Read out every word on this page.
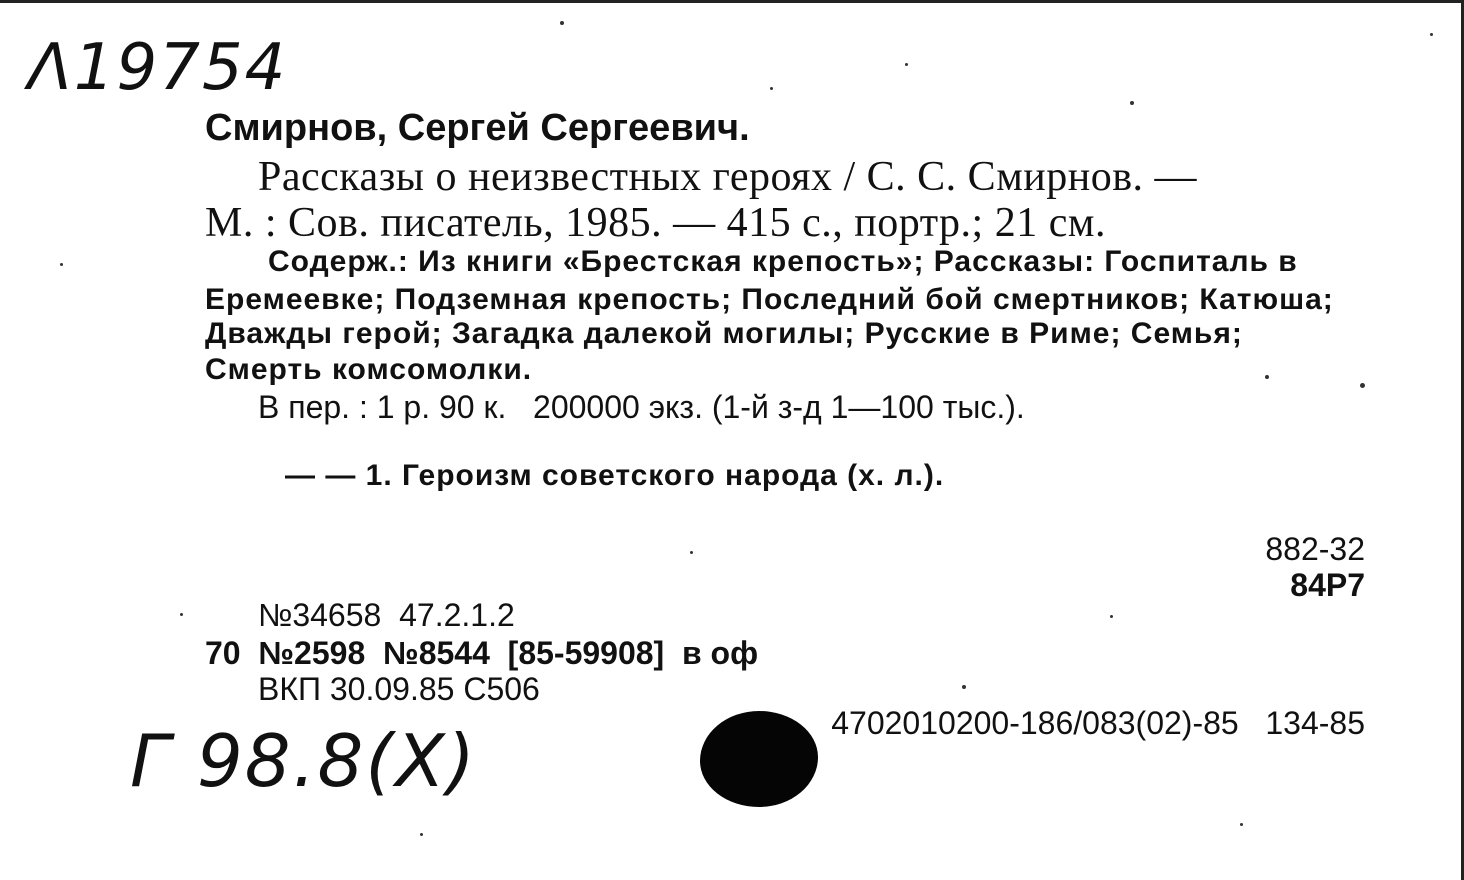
Λ19754
Смирнов, Сергей Сергеевич.
Рассказы о неизвестных героях / С. С. Смирнов. —
М. : Сов. писатель, 1985. — 415 с., портр.; 21 см.
Содерж.: Из книги «Брестская крепость»; Рассказы: Госпиталь в
Еремеевке; Подземная крепость; Последний бой смертников; Катюша;
Дважды герой; Загадка далекой могилы; Русские в Риме; Семья;
Смерть комсомолки.
В пер. : 1 р. 90 к.   200000 экз. (1-й з-д 1—100 тыс.).
— — 1. Героизм советского народа (х. л.).
882-32
84Р7
№34658  47.2.1.2
70  №2598  №8544  [85-59908]  в оф
ВКП 30.09.85 С506
4702010200-186/083(02)-85   134-85
Г 98.8(Х)
